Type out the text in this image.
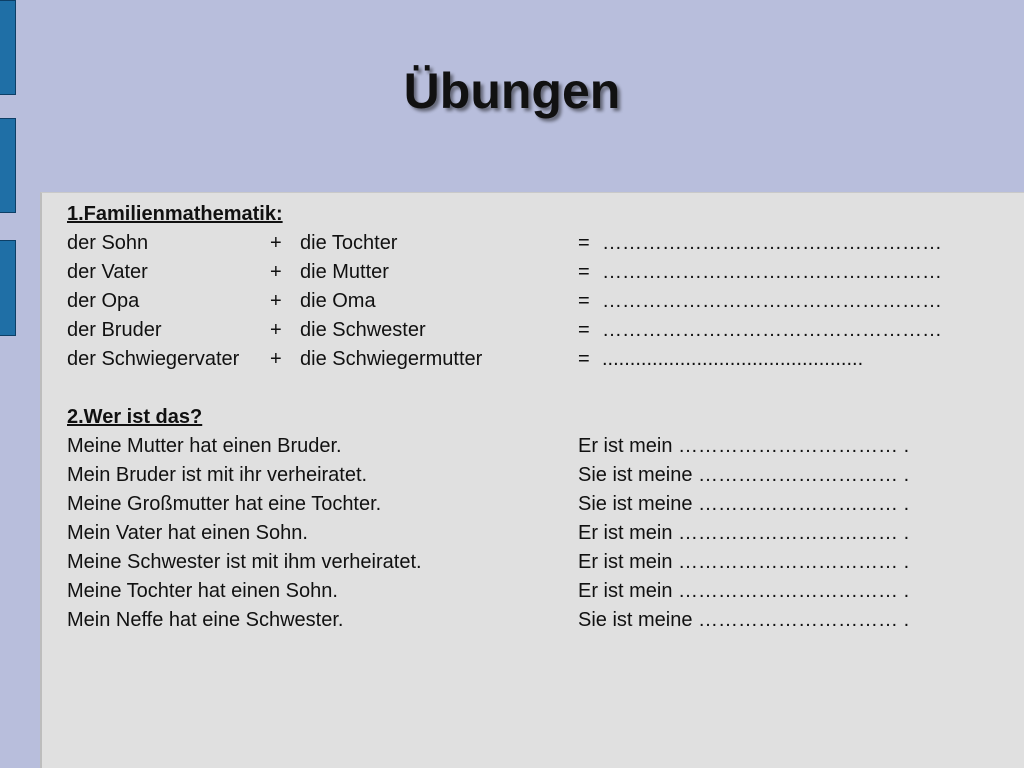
Übungen
1.Familienmathematik:
der Sohn	+ die Tochter	= ……………………………………………
der Vater	+ die Mutter	= ……………………………………………
der Opa	+ die Oma	= ……………………………………………
der Bruder	+ die Schwester	= ……………………………………………
der Schwiegervater + die Schwiegermutter	= ...............................................
2.Wer ist das?
Meine Mutter hat einen Bruder.	Er ist mein …………………………… .
Mein Bruder ist mit ihr verheiratet.	Sie ist meine ………………………… .
Meine Großmutter hat eine Tochter.	Sie ist meine ………………………… .
Mein Vater hat einen Sohn.	Er ist mein …………………………… .
Meine Schwester ist mit ihm verheiratet.	Er ist mein …………………………… .
Meine Tochter hat einen Sohn.	Er ist mein …………………………… .
Mein Neffe hat eine Schwester.	Sie ist meine ………………………… .
